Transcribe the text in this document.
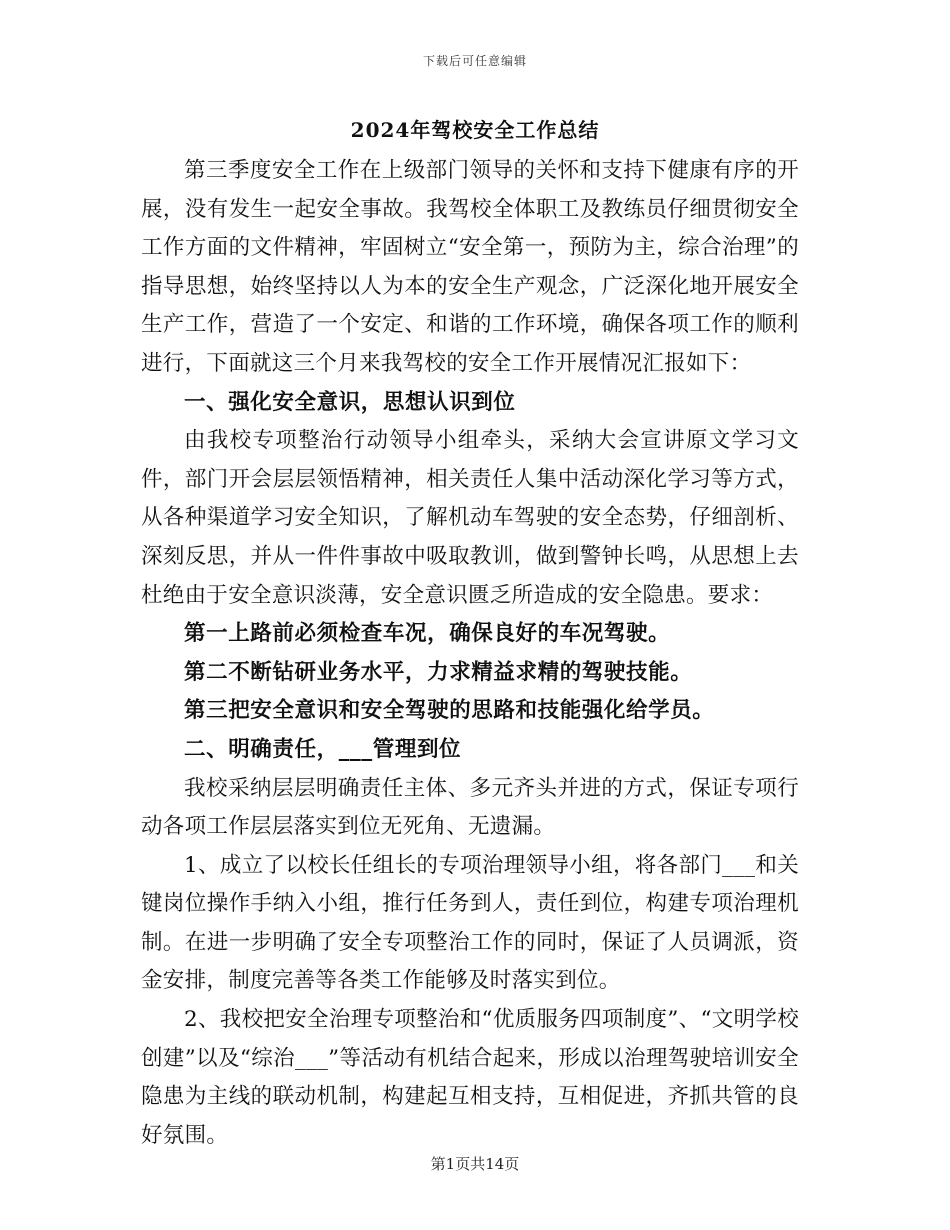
下载后可任意编辑
2024年驾校安全工作总结

第三季度安全工作在上级部门领导的关怀和支持下健康有序的开展，没有发生一起安全事故。我驾校全体职工及教练员仔细贯彻安全工作方面的文件精神，牢固树立“安全第一，预防为主，综合治理”的指导思想，始终坚持以人为本的安全生产观念，广泛深化地开展安全生产工作，营造了一个安定、和谐的工作环境，确保各项工作的顺利进行，下面就这三个月来我驾校的安全工作开展情况汇报如下：

一、强化安全意识，思想认识到位

由我校专项整治行动领导小组牵头，采纳大会宣讲原文学习文件，部门开会层层领悟精神，相关责任人集中活动深化学习等方式，从各种渠道学习安全知识，了解机动车驾驶的安全态势，仔细剖析、深刻反思，并从一件件事故中吸取教训，做到警钟长鸣，从思想上去杜绝由于安全意识淡薄，安全意识匮乏所造成的安全隐患。要求：

第一上路前必须检查车况，确保良好的车况驾驶。

第二不断钻研业务水平，力求精益求精的驾驶技能。

第三把安全意识和安全驾驶的思路和技能强化给学员。

二、明确责任，___管理到位

我校采纳层层明确责任主体、多元齐头并进的方式，保证专项行动各项工作层层落实到位无死角、无遗漏。

1、成立了以校长任组长的专项治理领导小组，将各部门___和关键岗位操作手纳入小组，推行任务到人，责任到位，构建专项治理机制。在进一步明确了安全专项整治工作的同时，保证了人员调派，资金安排，制度完善等各类工作能够及时落实到位。

2、我校把安全治理专项整治和“优质服务四项制度”、“文明学校创建”以及“综治___”等活动有机结合起来，形成以治理驾驶培训安全隐患为主线的联动机制，构建起互相支持，互相促进，齐抓共管的良好氛围。

第1页共14页
